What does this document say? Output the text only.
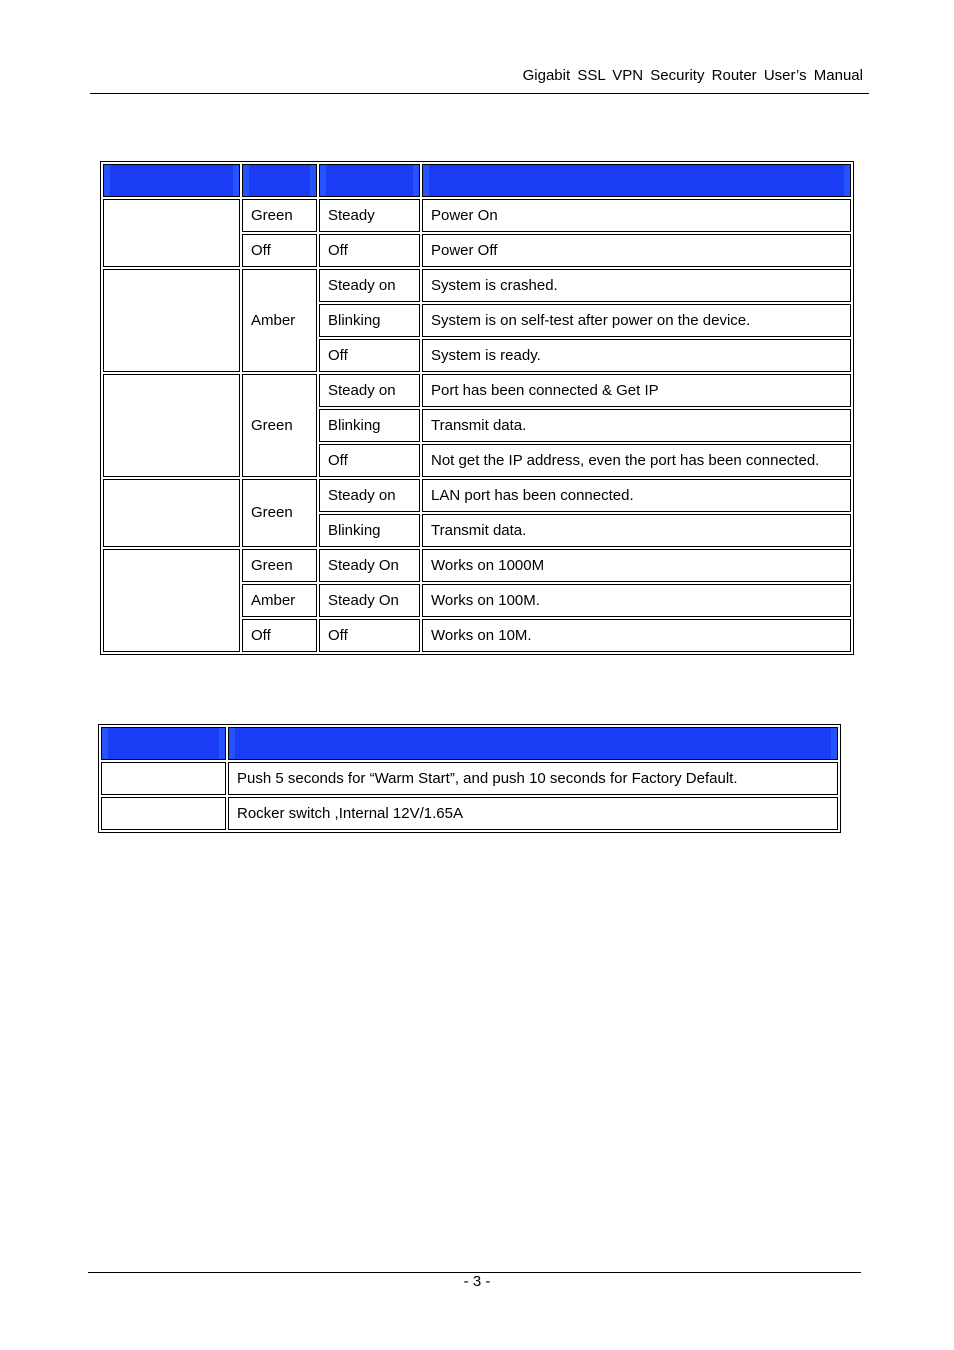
Gigabit SSL VPN Security Router User’s Manual

	Green	Steady	Power On
	Off	Off	Power Off
	Amber	Steady on	System is crashed.
		Blinking	System is on self-test after power on the device.
		Off	System is ready.
	Green	Steady on	Port has been connected & Get IP
		Blinking	Transmit data.
		Off	Not get the IP address, even the port has been connected.
	Green	Steady on	LAN port has been connected.
		Blinking	Transmit data.
	Green	Steady On	Works on 1000M
	Amber	Steady On	Works on 100M.
	Off	Off	Works on 10M.

	Push 5 seconds for “Warm Start”, and push 10 seconds for Factory Default.
	Rocker switch ,Internal 12V/1.65A
- 3 -
